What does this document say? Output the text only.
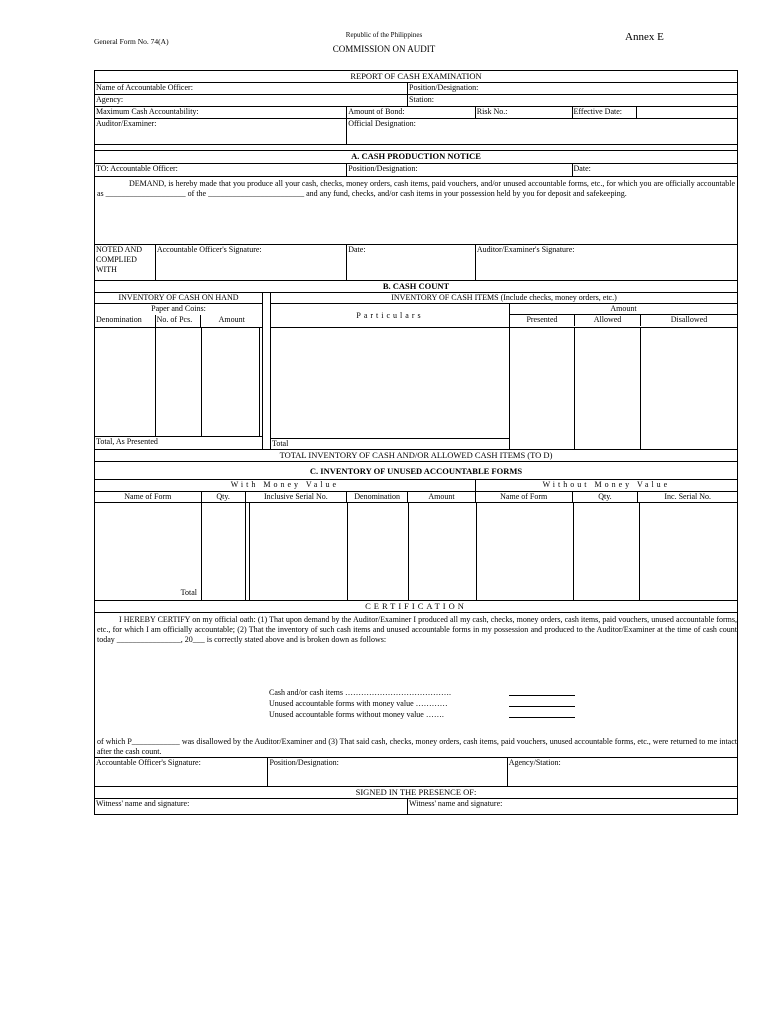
General Form No. 74(A)
Republic of the Philippines
COMMISSION ON AUDIT
Annex E
REPORT OF CASH EXAMINATION
Name of Accountable Officer:	Position/Designation:
Agency:	Station:
Maximum Cash Accountability:	Amount of Bond:	Risk No.:	Effective Date:
Auditor/Examiner:	Official Designation:
A. CASH PRODUCTION NOTICE
TO: Accountable Officer:	Position/Designation:	Date:
DEMAND, is hereby made that you produce all your cash, checks, money orders, cash items, paid vouchers, and/or unused accountable forms, etc., for which you are officially accountable as ____________________ of the ________________________ and any fund, checks, and/or cash items in your possession held by you for deposit and safekeeping.
NOTED AND COMPLIED WITH
Accountable Officer's Signature:	Date:	Auditor/Examiner's Signature:
B. CASH COUNT
INVENTORY OF CASH ON HAND
Paper and Coins:
Denomination	No. of Pcs.	Amount
Total, As Presented
INVENTORY OF CASH ITEMS (Include checks, money orders, etc.)
Particulars
Amount
Presented	Allowed	Disallowed
Total
TOTAL INVENTORY OF CASH AND/OR ALLOWED CASH ITEMS (TO D)
C. INVENTORY OF UNUSED ACCOUNTABLE FORMS
With Money Value	Without Money Value
Name of Form	Qty.	Inclusive Serial No.	Denomination	Amount	Name of Form	Qty.	Inc. Serial No.
Total
CERTIFICATION
I HEREBY CERTIFY on my official oath: (1) That upon demand by the Auditor/Examiner I produced all my cash, checks, money orders, cash items, paid vouchers, unused accountable forms, etc., for which I am officially accountable; (2) That the inventory of such cash items and unused accountable forms in my possession and produced to the Auditor/Examiner at the time of cash count today ________________, 20___ is correctly stated above and is broken down as follows:
Cash and/or cash items ………………………………….
Unused accountable forms with money value …………
Unused accountable forms without money value …….
of which P____________ was disallowed by the Auditor/Examiner and (3) That said cash, checks, money orders, cash items, paid vouchers, unused accountable forms, etc., were returned to me intact after the cash count.
Accountable Officer's Signature:	Position/Designation:	Agency/Station:
SIGNED IN THE PRESENCE OF:
Witness' name and signature:	Witness' name and signature:
